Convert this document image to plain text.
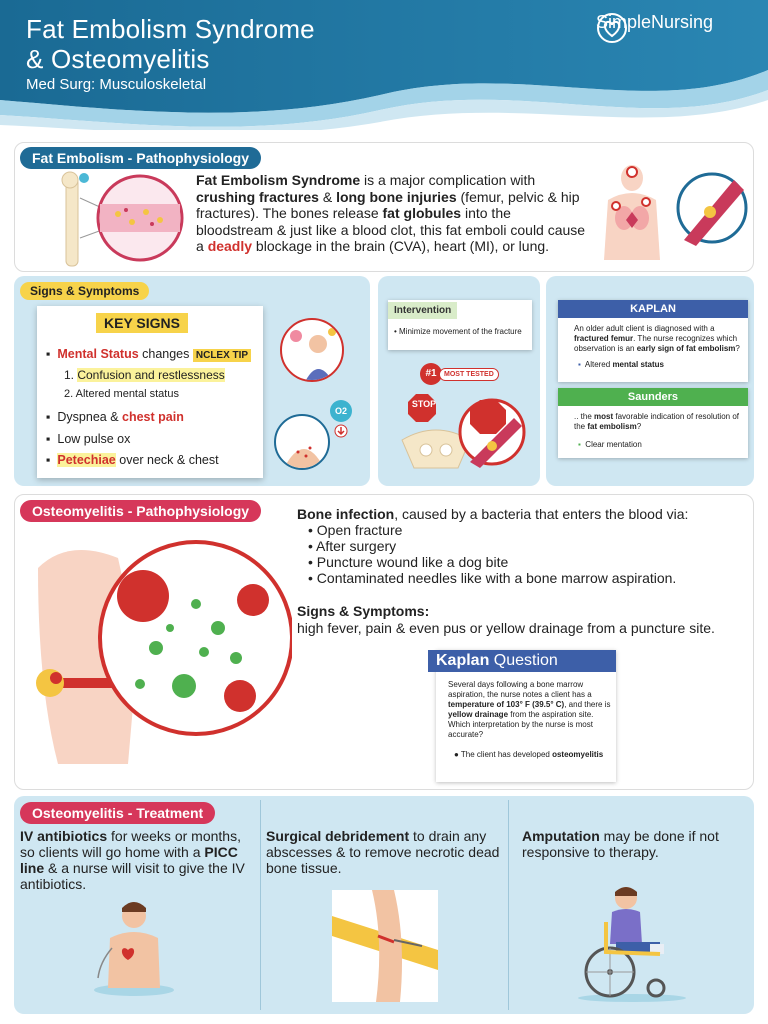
Fat Embolism Syndrome
& Osteomyelitis
Med Surg: Musculoskeletal
SimpleNursing
Fat Embolism - Pathophysiology
Fat Embolism Syndrome is a major complication with crushing fractures & long bone injuries (femur, pelvic & hip fractures). The bones release fat globules into the bloodstream & just like a blood clot, this fat emboli could cause a deadly blockage in the brain (CVA), heart (MI), or lung.
Signs & Symptoms
KEY SIGNS
▪  Mental Status changes NCLEX TIP
1. Confusion and restlessness
2. Altered mental status
▪  Dyspnea & chest pain
▪  Low pulse ox
▪  Petechiae over neck & chest
O2
Intervention
• Minimize movement of the fracture
#1	MOST TESTED
STOP
KAPLAN
An older adult client is diagnosed with a fractured femur. The nurse recognizes which observation is an early sign of fat embolism?
▪ Altered mental status
Saunders
.. the most favorable indication of resolution of the fat embolism?
▪ Clear mentation
Osteomyelitis - Pathophysiology	Bone infection, caused by a bacteria that enters the blood via:
• Open fracture
• After surgery
• Puncture wound like a dog bite
• Contaminated needles like with a bone marrow aspiration.
Signs & Symptoms:
high fever, pain & even pus or yellow drainage from a puncture site.
Kaplan Question
Several days following a bone marrow aspiration, the nurse notes a client has a temperature of 103° F (39.5° C), and there is yellow drainage from the aspiration site. Which interpretation by the nurse is most accurate?
● The client has developed osteomyelitis
Osteomyelitis - Treatment
IV antibiotics for weeks or months, so clients will go home with a PICC line & a nurse will visit to give the IV antibiotics.
Surgical debridement to drain any abscesses & to remove necrotic dead bone tissue.
Amputation may be done if not responsive to therapy.
